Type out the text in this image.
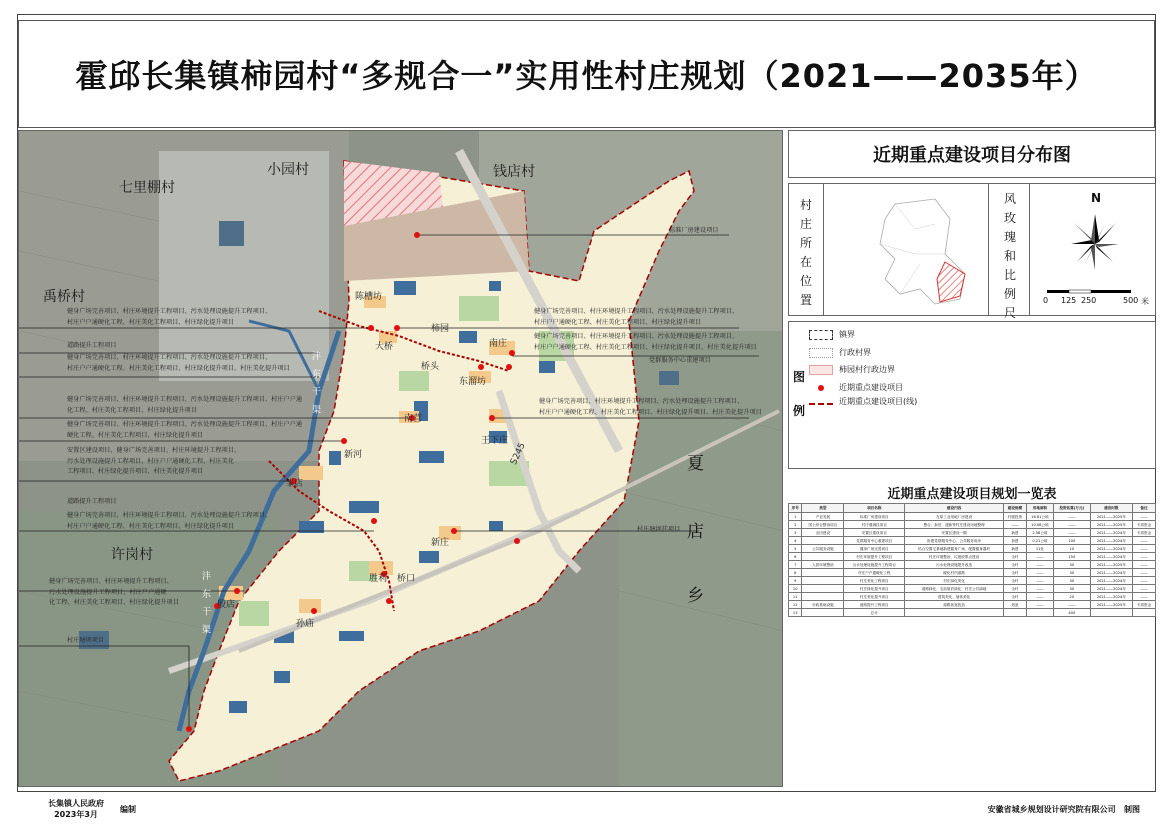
霍邱长集镇柿园村“多规合一”实用性村庄规划（2021——2035年）
小园村	钱店村
七里棚村
禹桥村
许岗村
夏
店
乡
陈槽坊
柿园
南庄
大桥
桥头
东溜坊
南营
王下庄
新河
邹店
新庄
胜利 桥口
殷店
孙庙
S245
沣 东 干 渠
沣 东 干 渠
标准厂房建设项目
健身广场完善项目、村庄环境提升工程项目、污水处理设施提升工程项目、
村庄户户通硬化工程、村庄美化工程项目、村庄绿化提升项目
健身广场完善项目、村庄环境提升工程项目、污水处理设施提升工程项目、
村庄户户通硬化工程、村庄美化工程项目、村庄绿化提升项目
道路提升工程项目
健身广场完善项目、村庄环境提升工程项目、污水处理设施提升工程项目、
村庄户户通硬化工程、村庄美化工程项目、村庄绿化提升项目、村庄美化提升项目
健身广场完善项目、村庄环境提升工程项目、污水处理设施提升工程项目、
村庄户户通硬化工程、村庄美化工程项目、村庄绿化提升项目、村庄美化提升项目
党群服务中心重建项目
健身广场完善项目、村庄环境提升工程项目、污水处理设施提升工程项目、村庄户户通
化工程、村庄美化工程项目、村庄绿化提升项目
健身广场完善项目、村庄环境提升工程项目、污水处理设施提升工程项目、
村庄户户通硬化工程、村庄美化工程项目、村庄绿化提升项目、村庄美化提升项目
健身广场完善项目、村庄环境提升工程项目、污水处理设施提升工程项目、村庄户户通
硬化工程、村庄美化工程项目、村庄绿化提升项目
安置区建设项目、健身广场完善项目、村庄环境提升工程项目、
污水处理设施提升工程项目、村庄户户通硬化工程、村庄美化
工程项目、村庄绿化提升项目、村庄美化提升项目
道路提升工程项目
健身广场完善项目、村庄环境提升工程项目、污水处理设施提升工程项目、
村庄户户通硬化工程、村庄美化工程项目、村庄绿化提升项目	村庄塘坝挂项目
健身广场完善项目、村庄环境提升工程项目、
污水处理设施提升工程项目、村庄户户通硬
化工程、村庄美化工程项目、村庄绿化提升项目
村庄塘坝项目
近期重点建设项目分布图
村
庄
所
在
位
置
风
玫
瑰
和
比
例
尺
N
0 125 250	500 米
图
例
镇界
行政村界
柿园村行政边界
近期重点建设项目
近期重点建设项目(线)
近期重点建设项目规划一览表
序号	类型	项目名称	建设内容	建设规模	用地面积	投资估算(万元)	建设时限	备注
1	产业发展	标准厂房建设项目	在原工业用地厂房建设	村级投资	16.81公顷	——	2021——2025年	——
2	国土综合整治项目	村庄增减挂项目	整合、拆旧、建新等村庄建设用地整理	——	10.08公顷	——	2021——2025年	专项资金
3	农田建设	安置区建设项目	安置区建设一期	新建	2.58公顷	——	2021——2024年	专项资金
4		党群服务中心重建项目	拆建党群服务中心、公共服务用房	拆建	0.21公顷	100	2021——2024年	——
5	公共服务设施	健身广场完善项目	结合空置宅基地新建健身广场、配置健身器材	新建	11处	10	2021——2024年	——
6		村庄环境提升工程项目	村庄环境整治、垃圾收集点建设	全村	——	150	2021——2024年	——
7	人居环境整治	污水处理设施提升工程项目	污水处理设施提升改造	全村	——	30	2021——2025年	——
8		村庄户户通硬化工程	硬化村内道路	全村	——	30	2021——2024年	——
9		村庄美化工程项目	村庄绿化美化	全村	——	30	2021——2024年	——
10		村庄绿化提升项目	道路绿化、宅前屋后绿化、村庄公共绿地	全村	——	30	2021——2024年	——
11		村庄美化提升项目	建筑美化、墙体美化	全村	——	20	2021——2024年	——
12	市政基础设施	道路提升工程项目	道路拓宽改造	拓宽	——	——	2021——2025年	专项资金
13		总计				400		
长集镇人民政府
2023年3月
编制	安徽省城乡规划设计研究院有限公司 制图
